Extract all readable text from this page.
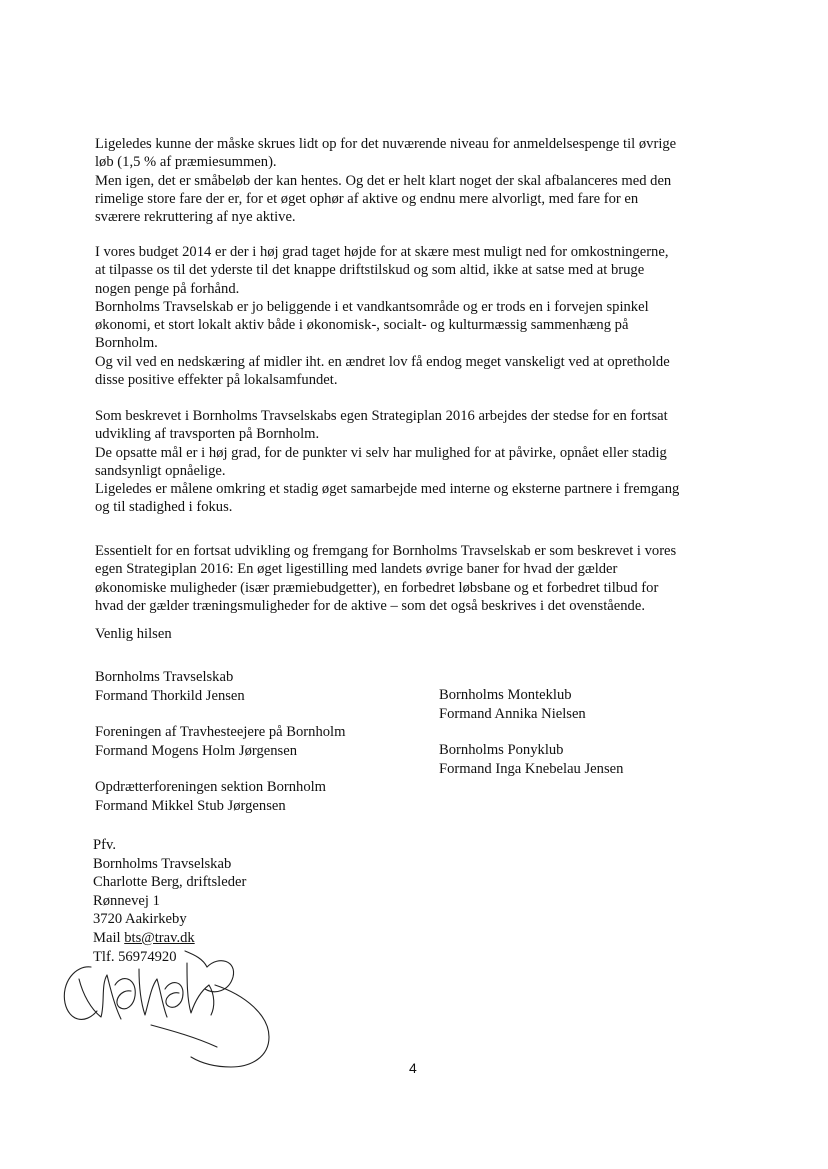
Ligeledes kunne der måske skrues lidt op for det nuværende niveau for anmeldelsespenge til øvrige

løb (1,5 % af præmiesummen).

Men igen, det er småbeløb der kan hentes. Og det er helt klart noget der skal afbalanceres med den

rimelige store fare der er, for et øget ophør af aktive og endnu mere alvorligt, med fare for en

sværere rekruttering af nye aktive.

I vores budget 2014 er der i høj grad taget højde for at skære mest muligt ned for omkostningerne,

at tilpasse os til det yderste til det knappe driftstilskud og som altid, ikke at satse med at bruge

nogen penge på forhånd.

Bornholms Travselskab er jo beliggende i et vandkantsområde og er trods en i forvejen spinkel

økonomi, et stort lokalt aktiv både i økonomisk-, socialt- og kulturmæssig sammenhæng på

Bornholm.

Og vil ved en nedskæring af midler iht. en ændret lov få endog meget vanskeligt ved at opretholde

disse positive effekter på lokalsamfundet.

Som beskrevet i Bornholms Travselskabs egen Strategiplan 2016 arbejdes der stedse for en fortsat

udvikling af travsporten på Bornholm.

De opsatte mål er i høj grad, for de punkter vi selv har mulighed for at påvirke, opnået eller stadig

sandsynligt opnåelige.

Ligeledes er målene omkring et stadig øget samarbejde med interne og eksterne partnere i fremgang

og til stadighed i fokus.

Essentielt for en fortsat udvikling og fremgang for Bornholms Travselskab er som beskrevet i vores

egen Strategiplan 2016: En øget ligestilling med landets øvrige baner for hvad der gælder

økonomiske muligheder (især præmiebudgetter), en forbedret løbsbane og et forbedret tilbud for

hvad der gælder træningsmuligheder for de aktive – som det også beskrives i det ovenstående.

Venlig hilsen

Bornholms Travselskab
Formand Thorkild Jensen
Foreningen af Travhesteejere på Bornholm
Formand Mogens Holm Jørgensen
Opdrætterforeningen sektion Bornholm
Formand Mikkel Stub Jørgensen
Bornholms Monteklub
Formand Annika Nielsen
Bornholms Ponyklub
Formand Inga Knebelau Jensen
Pfv.
Bornholms Travselskab
Charlotte Berg, driftsleder
Rønnevej 1
3720 Aakirkeby
Mail bts@trav.dk
Tlf. 56974920
4
